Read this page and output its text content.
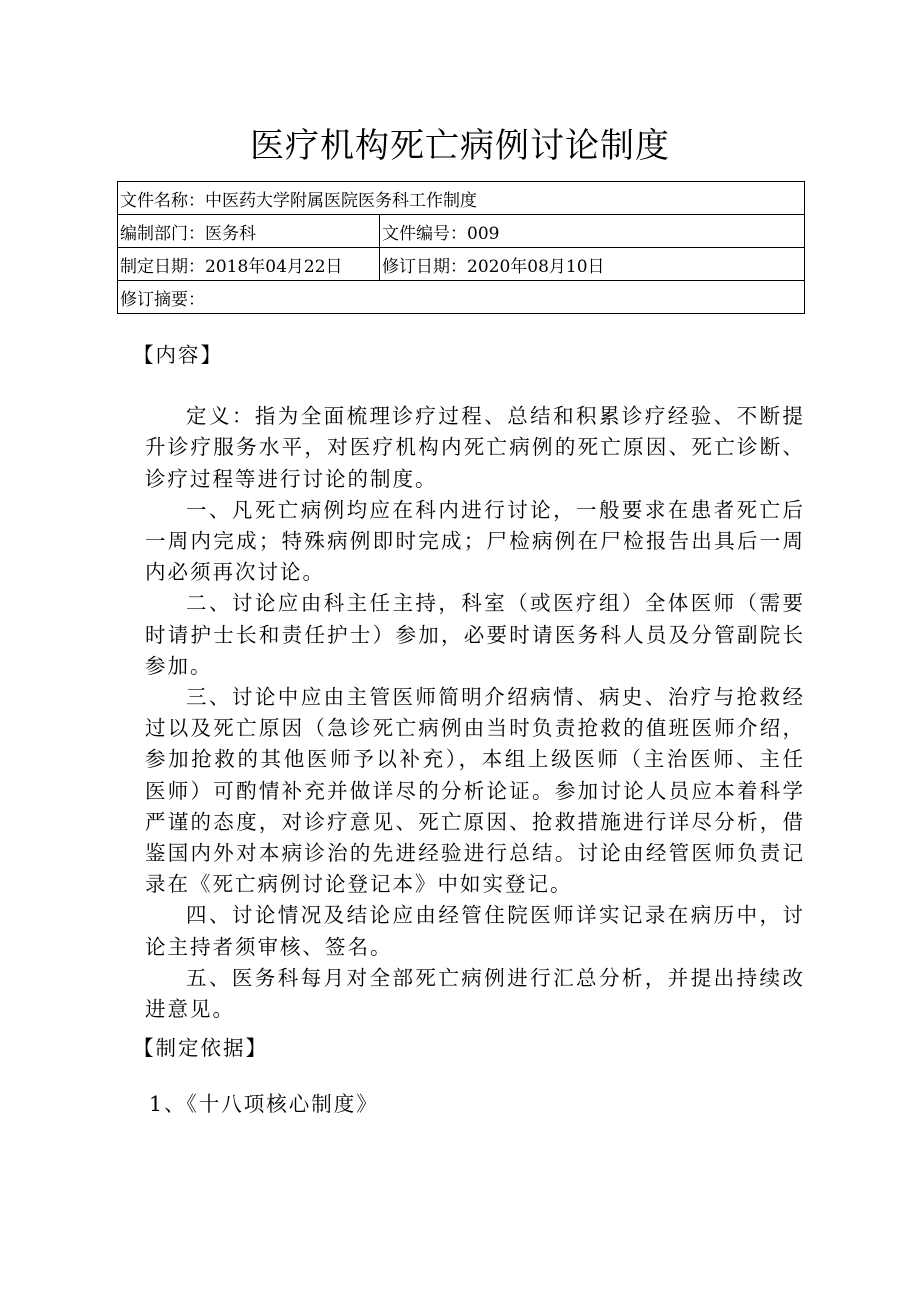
医疗机构死亡病例讨论制度
文件名称：中医药大学附属医院医务科工作制度	
编制部门：医务科	文件编号：009
制定日期：2018年04月22日	修订日期：2020年08月10日
修订摘要：	
【内容】
定义：指为全面梳理诊疗过程、总结和积累诊疗经验、不断提升诊疗服务水平，对医疗机构内死亡病例的死亡原因、死亡诊断、诊疗过程等进行讨论的制度。
一、凡死亡病例均应在科内进行讨论，一般要求在患者死亡后一周内完成；特殊病例即时完成；尸检病例在尸检报告出具后一周内必须再次讨论。
二、讨论应由科主任主持，科室（或医疗组）全体医师（需要时请护士长和责任护士）参加，必要时请医务科人员及分管副院长参加。
三、讨论中应由主管医师简明介绍病情、病史、治疗与抢救经过以及死亡原因（急诊死亡病例由当时负责抢救的值班医师介绍，参加抢救的其他医师予以补充），本组上级医师（主治医师、主任医师）可酌情补充并做详尽的分析论证。参加讨论人员应本着科学严谨的态度，对诊疗意见、死亡原因、抢救措施进行详尽分析，借鉴国内外对本病诊治的先进经验进行总结。讨论由经管医师负责记录在《死亡病例讨论登记本》中如实登记。
四、讨论情况及结论应由经管住院医师详实记录在病历中，讨论主持者须审核、签名。
五、医务科每月对全部死亡病例进行汇总分析，并提出持续改进意见。
【制定依据】
1、《十八项核心制度》
